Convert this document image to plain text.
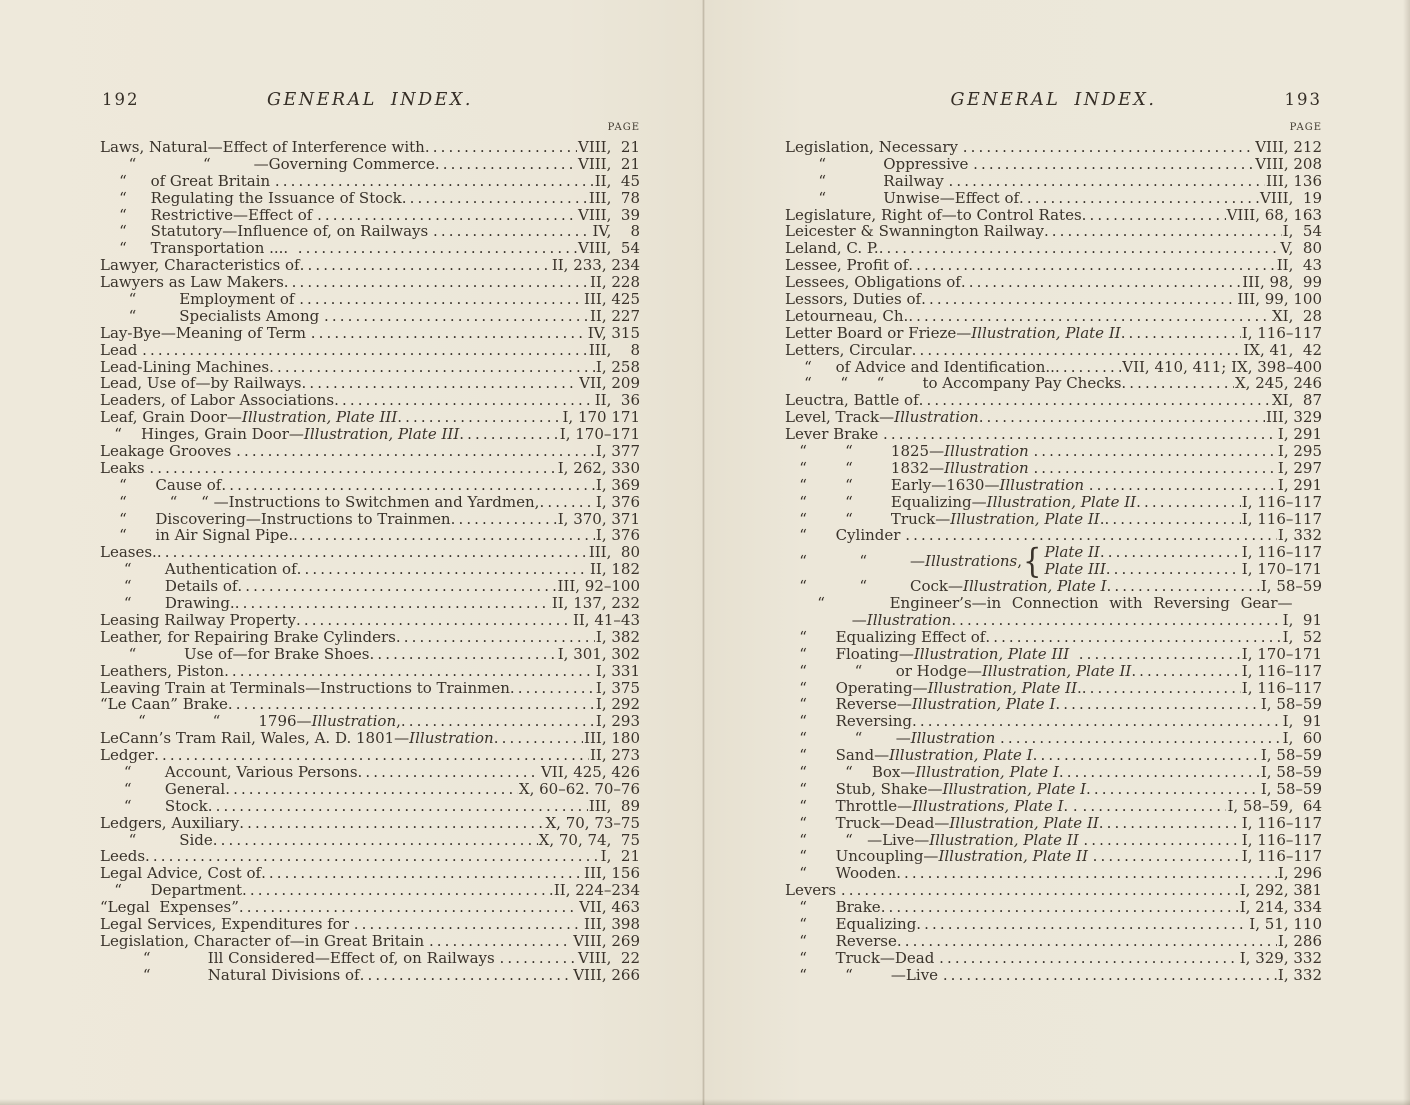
192	GENERAL INDEX.
PAGE
Laws, Natural—Effect of Interference with .....	VIII,  21
“              “         —Governing Commerce .....	VIII,  21
“     of Great Britain .....	II,  45
“     Regulating the Issuance of Stock .....	III,  78
“     Restrictive—Effect of .....	VIII,  39
“     Statutory—Influence of, on Railways .....	IV,    8
“     Transportation .... .....	VIII,  54
Lawyer, Characteristics of .....	II, 233, 234
Lawyers as Law Makers .....	II, 228
“         Employment of .....	III, 425
“         Specialists Among .....	II, 227
Lay-Bye—Meaning of Term .....	IV, 315
Lead .....	III,    8
Lead-Lining Machines .....	I, 258
Lead, Use of—by Railways .....	VII, 209
Leaders, of Labor Associations .....	II,  36
Leaf, Grain Door—Illustration, Plate III .....	I, 170 171
“    Hinges, Grain Door—Illustration, Plate III .....	I, 170–171
Leakage Grooves .....	I, 377
Leaks .....	I, 262, 330
“      Cause of .....	I, 369
“         “     “ —Instructions to Switchmen and Yardmen, .....	I, 376
“      Discovering—Instructions to Trainmen .....	I, 370, 371
“      in Air Signal Pipe. .....	I, 376
Leases. .....	III,  80
“       Authentication of .....	II, 182
“       Details of .....	III, 92–100
“       Drawing. .....	II, 137, 232
Leasing Railway Property .....	II, 41–43
Leather, for Repairing Brake Cylinders .....	I, 382
“          Use of—for Brake Shoes .....	I, 301, 302
Leathers, Piston .....	I, 331
Leaving Train at Terminals—Instructions to Trainmen .....	I, 375
“Le Caan” Brake .....	I, 292
“              “        1796—Illustration, .....	I, 293
LeCann’s Tram Rail, Wales, A. D. 1801—Illustration .....	III, 180
Ledger .....	II, 273
“       Account, Various Persons .....	VII, 425, 426
“       General .....	X, 60–62. 70–76
“       Stock .....	III,  89
Ledgers, Auxiliary .....	X, 70, 73–75
“         Side .....	X, 70, 74,  75
Leeds .....	I,  21
Legal Advice, Cost of .....	III, 156
“      Department .....	II, 224–234
“Legal  Expenses” .....	VII, 463
Legal Services, Expenditures for .....	III, 398
Legislation, Character of—in Great Britain .....	VIII, 269
“            Ill Considered—Effect of, on Railways .....	VIII,  22
“            Natural Divisions of .....	VIII, 266
GENERAL INDEX.	193
PAGE
Legislation, Necessary .....	VIII, 212
“            Oppressive .....	VIII, 208
“            Railway .....	III, 136
“            Unwise—Effect of .....	VIII,  19
Legislature, Right of—to Control Rates .....	VIII, 68, 163
Leicester & Swannington Railway .....	I,  54
Leland, C. P. .....	V,  80
Lessee, Profit of .....	II,  43
Lessees, Obligations of .....	III, 98,  99
Lessors, Duties of .....	III, 99, 100
Letourneau, Ch. .....	XI,  28
Letter Board or Frieze—Illustration, Plate II .....	I, 116–117
Letters, Circular .....	IX, 41,  42
“     of Advice and Identification.. .....	VII, 410, 411; IX, 398–400
“      “      “        to Accompany Pay Checks .....	X, 245, 246
Leuctra, Battle of .....	XI,  87
Level, Track—Illustration .....	III, 329
Lever Brake .....	I, 291
“        “        1825—Illustration .....	I, 295
“        “        1832—Illustration .....	I, 297
“        “        Early—1630—Illustration .....	I, 291
“        “        Equalizing—Illustration, Plate II .....	I, 116–117
“        “        Truck—Illustration, Plate II. .....	I, 116–117
“      Cylinder .....	I, 332
“           “         —Illustrations, { Plate II .....	I, 116–117
Plate III .....	I, 170–171
“           “         Cock—Illustration, Plate I .....	I, 58–59
“      Engineer’s—in Connection with Reversing Gear—
—Illustration .....	I,  91
“      Equalizing Effect of .....	I,  52
“      Floating—Illustration, Plate III .....	I, 170–171
“          “       or Hodge—Illustration, Plate II .....	I, 116–117
“      Operating—Illustration, Plate II. .....	I, 116–117
“      Reverse—Illustration, Plate I .....	I, 58–59
“      Reversing .....	I,  91
“          “       —Illustration .....	I,  60
“      Sand—Illustration, Plate I .....	I, 58–59
“        “    Box—Illustration, Plate I .....	I, 58–59
“      Stub, Shake—Illustration, Plate I .....	I, 58–59
“      Throttle—Illustrations, Plate I. . .....	I, 58–59,  64
“      Truck—Dead—Illustration, Plate II .....	I, 116–117
“        “   —Live—Illustration, Plate II .....	I, 116–117
“      Uncoupling—Illustration, Plate II .....	I, 116–117
“      Wooden .....	I, 296
Levers .....	I, 292, 381
“      Brake .....	I, 214, 334
“      Equalizing .....	I, 51, 110
“      Reverse .....	I, 286
“      Truck—Dead .....	I, 329, 332
“        “        —Live .....	I, 332
